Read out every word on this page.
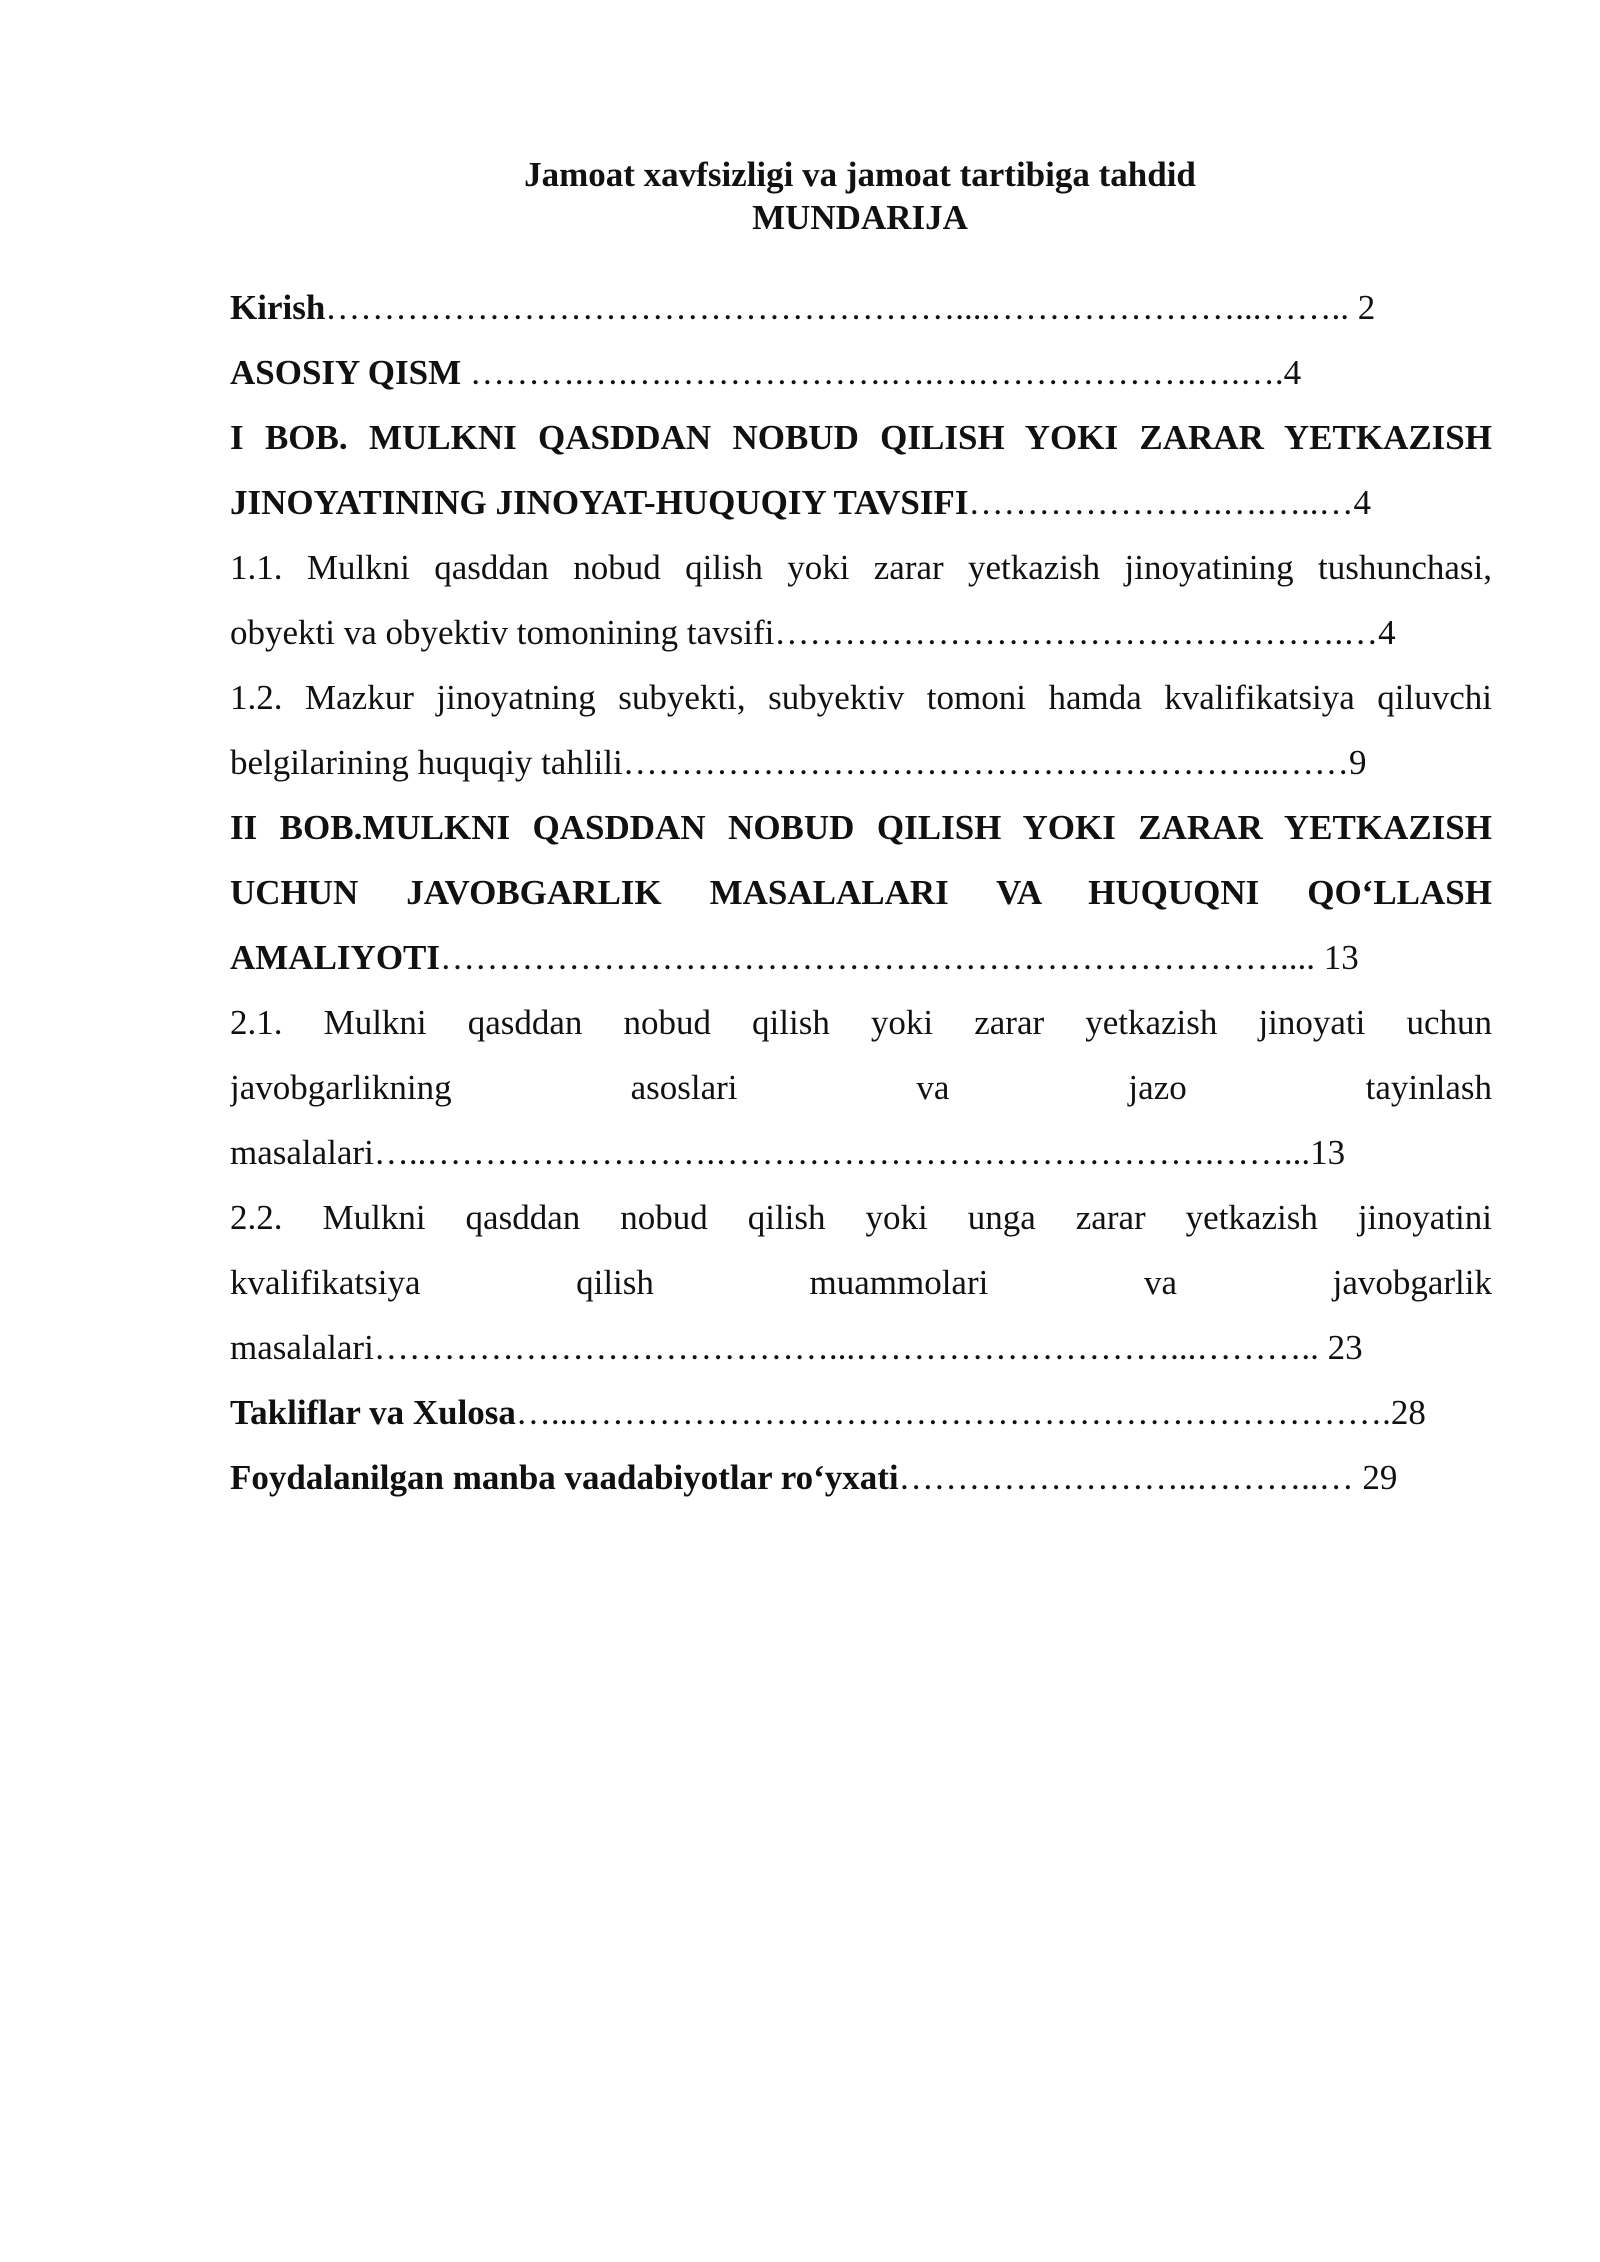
Jamoat xavfsizligi va jamoat tartibiga tahdid
MUNDARIJA
Kirish………………………………………………....…………………...…….. 2
ASOSIY QISM ……….….….……………….….….……………….….….4
I BOB. MULKNI QASDDAN NOBUD QILISH YOKI ZARAR YETKAZISH
JINOYATINING JINOYAT-HUQUQIY TAVSIFI………………….….…..…4
1.1. Mulkni qasddan nobud qilish yoki zarar yetkazish jinoyatining tushunchasi,
obyekti va obyektiv tomonining tavsifi………………………………………….…4
1.2. Mazkur jinoyatning subyekti, subyektiv tomoni hamda kvalifikatsiya qiluvchi
belgilarining huquqiy tahlili………………………………………………...……9
II BOB.MULKNI QASDDAN NOBUD QILISH YOKI ZARAR YETKAZISH
UCHUN JAVOBGARLIK MASALALARI VA HUQUQNI QO‘LLASH
AMALIYOTI……………………………………………………………….... 13
2.1. Mulkni qasddan nobud qilish yoki zarar yetkazish jinoyati uchun
javobgarlikning asoslari va jazo tayinlash
masalalari…..…………………….…………………………………….……...13
2.2. Mulkni qasddan nobud qilish yoki unga zarar yetkazish jinoyatini
kvalifikatsiya qilish muammolari va javobgarlik
masalalari…………………………………...………………………...……….. 23
Takliflar va Xulosa…...…………………………………………………………….28
Foydalanilgan manba vaadabiyotlar ro‘yxati……………………..………..… 29
